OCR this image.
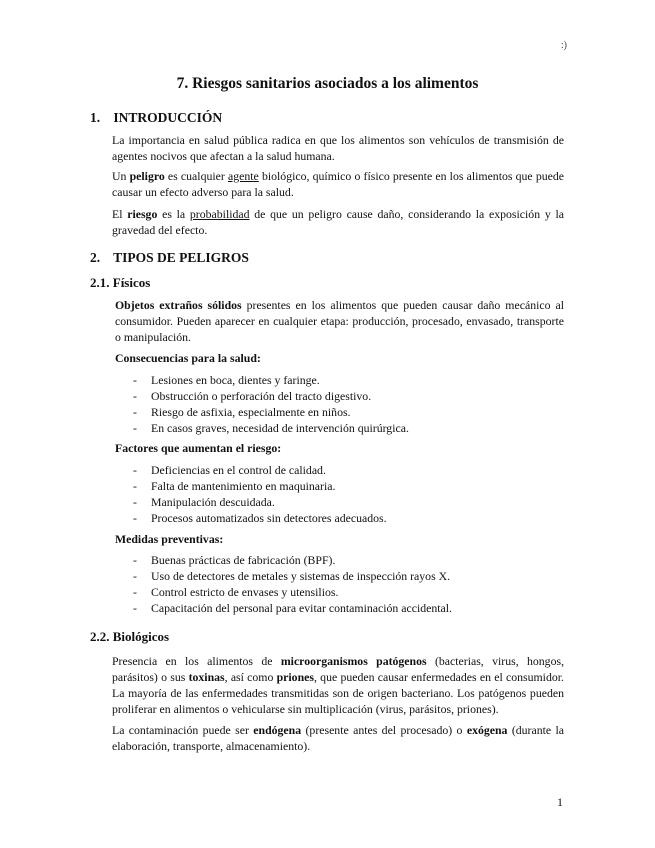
:)
7. Riesgos sanitarios asociados a los alimentos
1. INTRODUCCIÓN
La importancia en salud pública radica en que los alimentos son vehículos de transmisión de agentes nocivos que afectan a la salud humana.
Un peligro es cualquier agente biológico, químico o físico presente en los alimentos que puede causar un efecto adverso para la salud.
El riesgo es la probabilidad de que un peligro cause daño, considerando la exposición y la gravedad del efecto.
2. TIPOS DE PELIGROS
2.1. Físicos
Objetos extraños sólidos presentes en los alimentos que pueden causar daño mecánico al consumidor. Pueden aparecer en cualquier etapa: producción, procesado, envasado, transporte o manipulación.
Consecuencias para la salud:
- Lesiones en boca, dientes y faringe.
- Obstrucción o perforación del tracto digestivo.
- Riesgo de asfixia, especialmente en niños.
- En casos graves, necesidad de intervención quirúrgica.
Factores que aumentan el riesgo:
- Deficiencias en el control de calidad.
- Falta de mantenimiento en maquinaria.
- Manipulación descuidada.
- Procesos automatizados sin detectores adecuados.
Medidas preventivas:
- Buenas prácticas de fabricación (BPF).
- Uso de detectores de metales y sistemas de inspección rayos X.
- Control estricto de envases y utensilios.
- Capacitación del personal para evitar contaminación accidental.
2.2. Biológicos
Presencia en los alimentos de microorganismos patógenos (bacterias, virus, hongos, parásitos) o sus toxinas, así como priones, que pueden causar enfermedades en el consumidor. La mayoría de las enfermedades transmitidas son de origen bacteriano. Los patógenos pueden proliferar en alimentos o vehicularse sin multiplicación (virus, parásitos, priones).
La contaminación puede ser endógena (presente antes del procesado) o exógena (durante la elaboración, transporte, almacenamiento).
1
